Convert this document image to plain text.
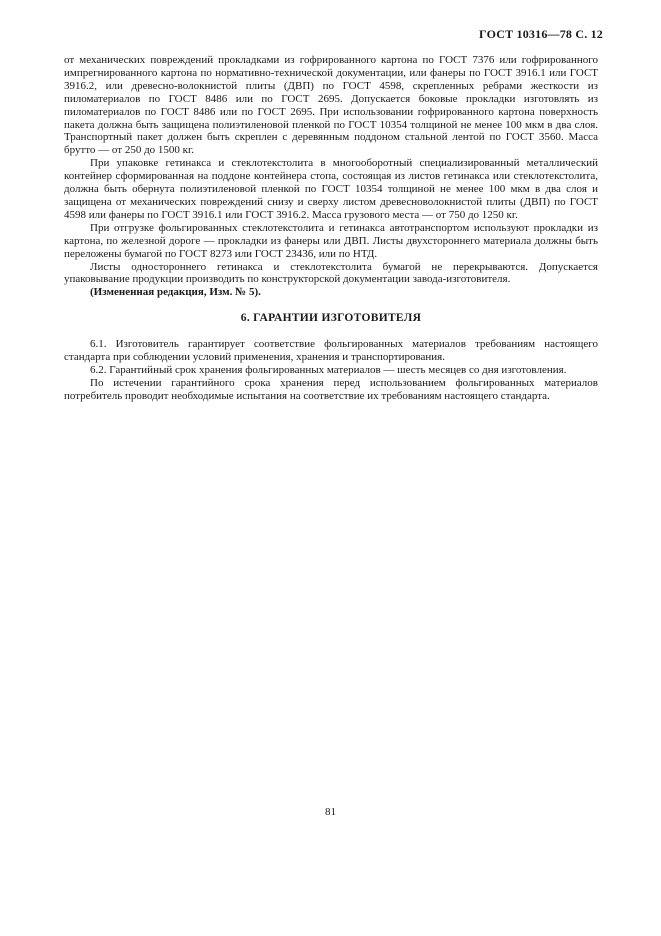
ГОСТ 10316—78 С. 12

от механических повреждений прокладками из гофрированного картона по ГОСТ 7376 или гофрированного импрегнированного картона по нормативно-технической документации, или фанеры по ГОСТ 3916.1 или ГОСТ 3916.2, или древесно-волокнистой плиты (ДВП) по ГОСТ 4598, скрепленных ребрами жесткости из пиломатериалов по ГОСТ 8486 или по ГОСТ 2695. Допускается боковые прокладки изготовлять из пиломатериалов по ГОСТ 8486 или по ГОСТ 2695. При использовании гофрированного картона поверхность пакета должна быть защищена полиэтиленовой пленкой по ГОСТ 10354 толщиной не менее 100 мкм в два слоя. Транспортный пакет должен быть скреплен с деревянным поддоном стальной лентой по ГОСТ 3560. Масса брутто — от 250 до 1500 кг.

При упаковке гетинакса и стеклотекстолита в многооборотный специализированный металлический контейнер сформированная на поддоне контейнера стопа, состоящая из листов гетинакса или стеклотекстолита, должна быть обернута полиэтиленовой пленкой по ГОСТ 10354 толщиной не менее 100 мкм в два слоя и защищена от механических повреждений снизу и сверху листом древесноволокнистой плиты (ДВП) по ГОСТ 4598 или фанеры по ГОСТ 3916.1 или ГОСТ 3916.2. Масса грузового места — от 750 до 1250 кг.

При отгрузке фольгированных стеклотекстолита и гетинакса автотранспортом используют прокладки из картона, по железной дороге — прокладки из фанеры или ДВП. Листы двухстороннего материала должны быть переложены бумагой по ГОСТ 8273 или ГОСТ 23436, или по НТД.

Листы одностороннего гетинакса и стеклотекстолита бумагой не перекрываются. Допускается упаковывание продукции производить по конструкторской документации завода-изготовителя.

(Измененная редакция, Изм. № 5).

6. ГАРАНТИИ ИЗГОТОВИТЕЛЯ

6.1. Изготовитель гарантирует соответствие фольгированных материалов требованиям настоящего стандарта при соблюдении условий применения, хранения и транспортирования.

6.2. Гарантийный срок хранения фольгированных материалов — шесть месяцев со дня изготовления.

По истечении гарантийного срока хранения перед использованием фольгированных материалов потребитель проводит необходимые испытания на соответствие их требованиям настоящего стандарта.

81
